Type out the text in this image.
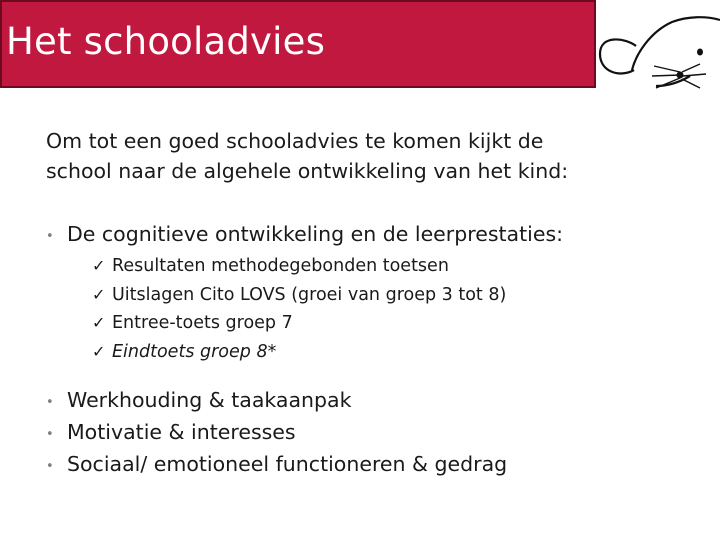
Het schooladvies
Om tot een goed schooladvies te komen kijkt de
school naar de algehele ontwikkeling van het kind:
• De cognitieve ontwikkeling en de leerprestaties:
✓ Resultaten methodegebonden toetsen
✓ Uitslagen Cito LOVS (groei van groep 3 tot 8)
✓ Entree-toets groep 7
✓ Eindtoets groep 8*
• Werkhouding & taakaanpak
• Motivatie & interesses
• Sociaal/ emotioneel functioneren & gedrag
